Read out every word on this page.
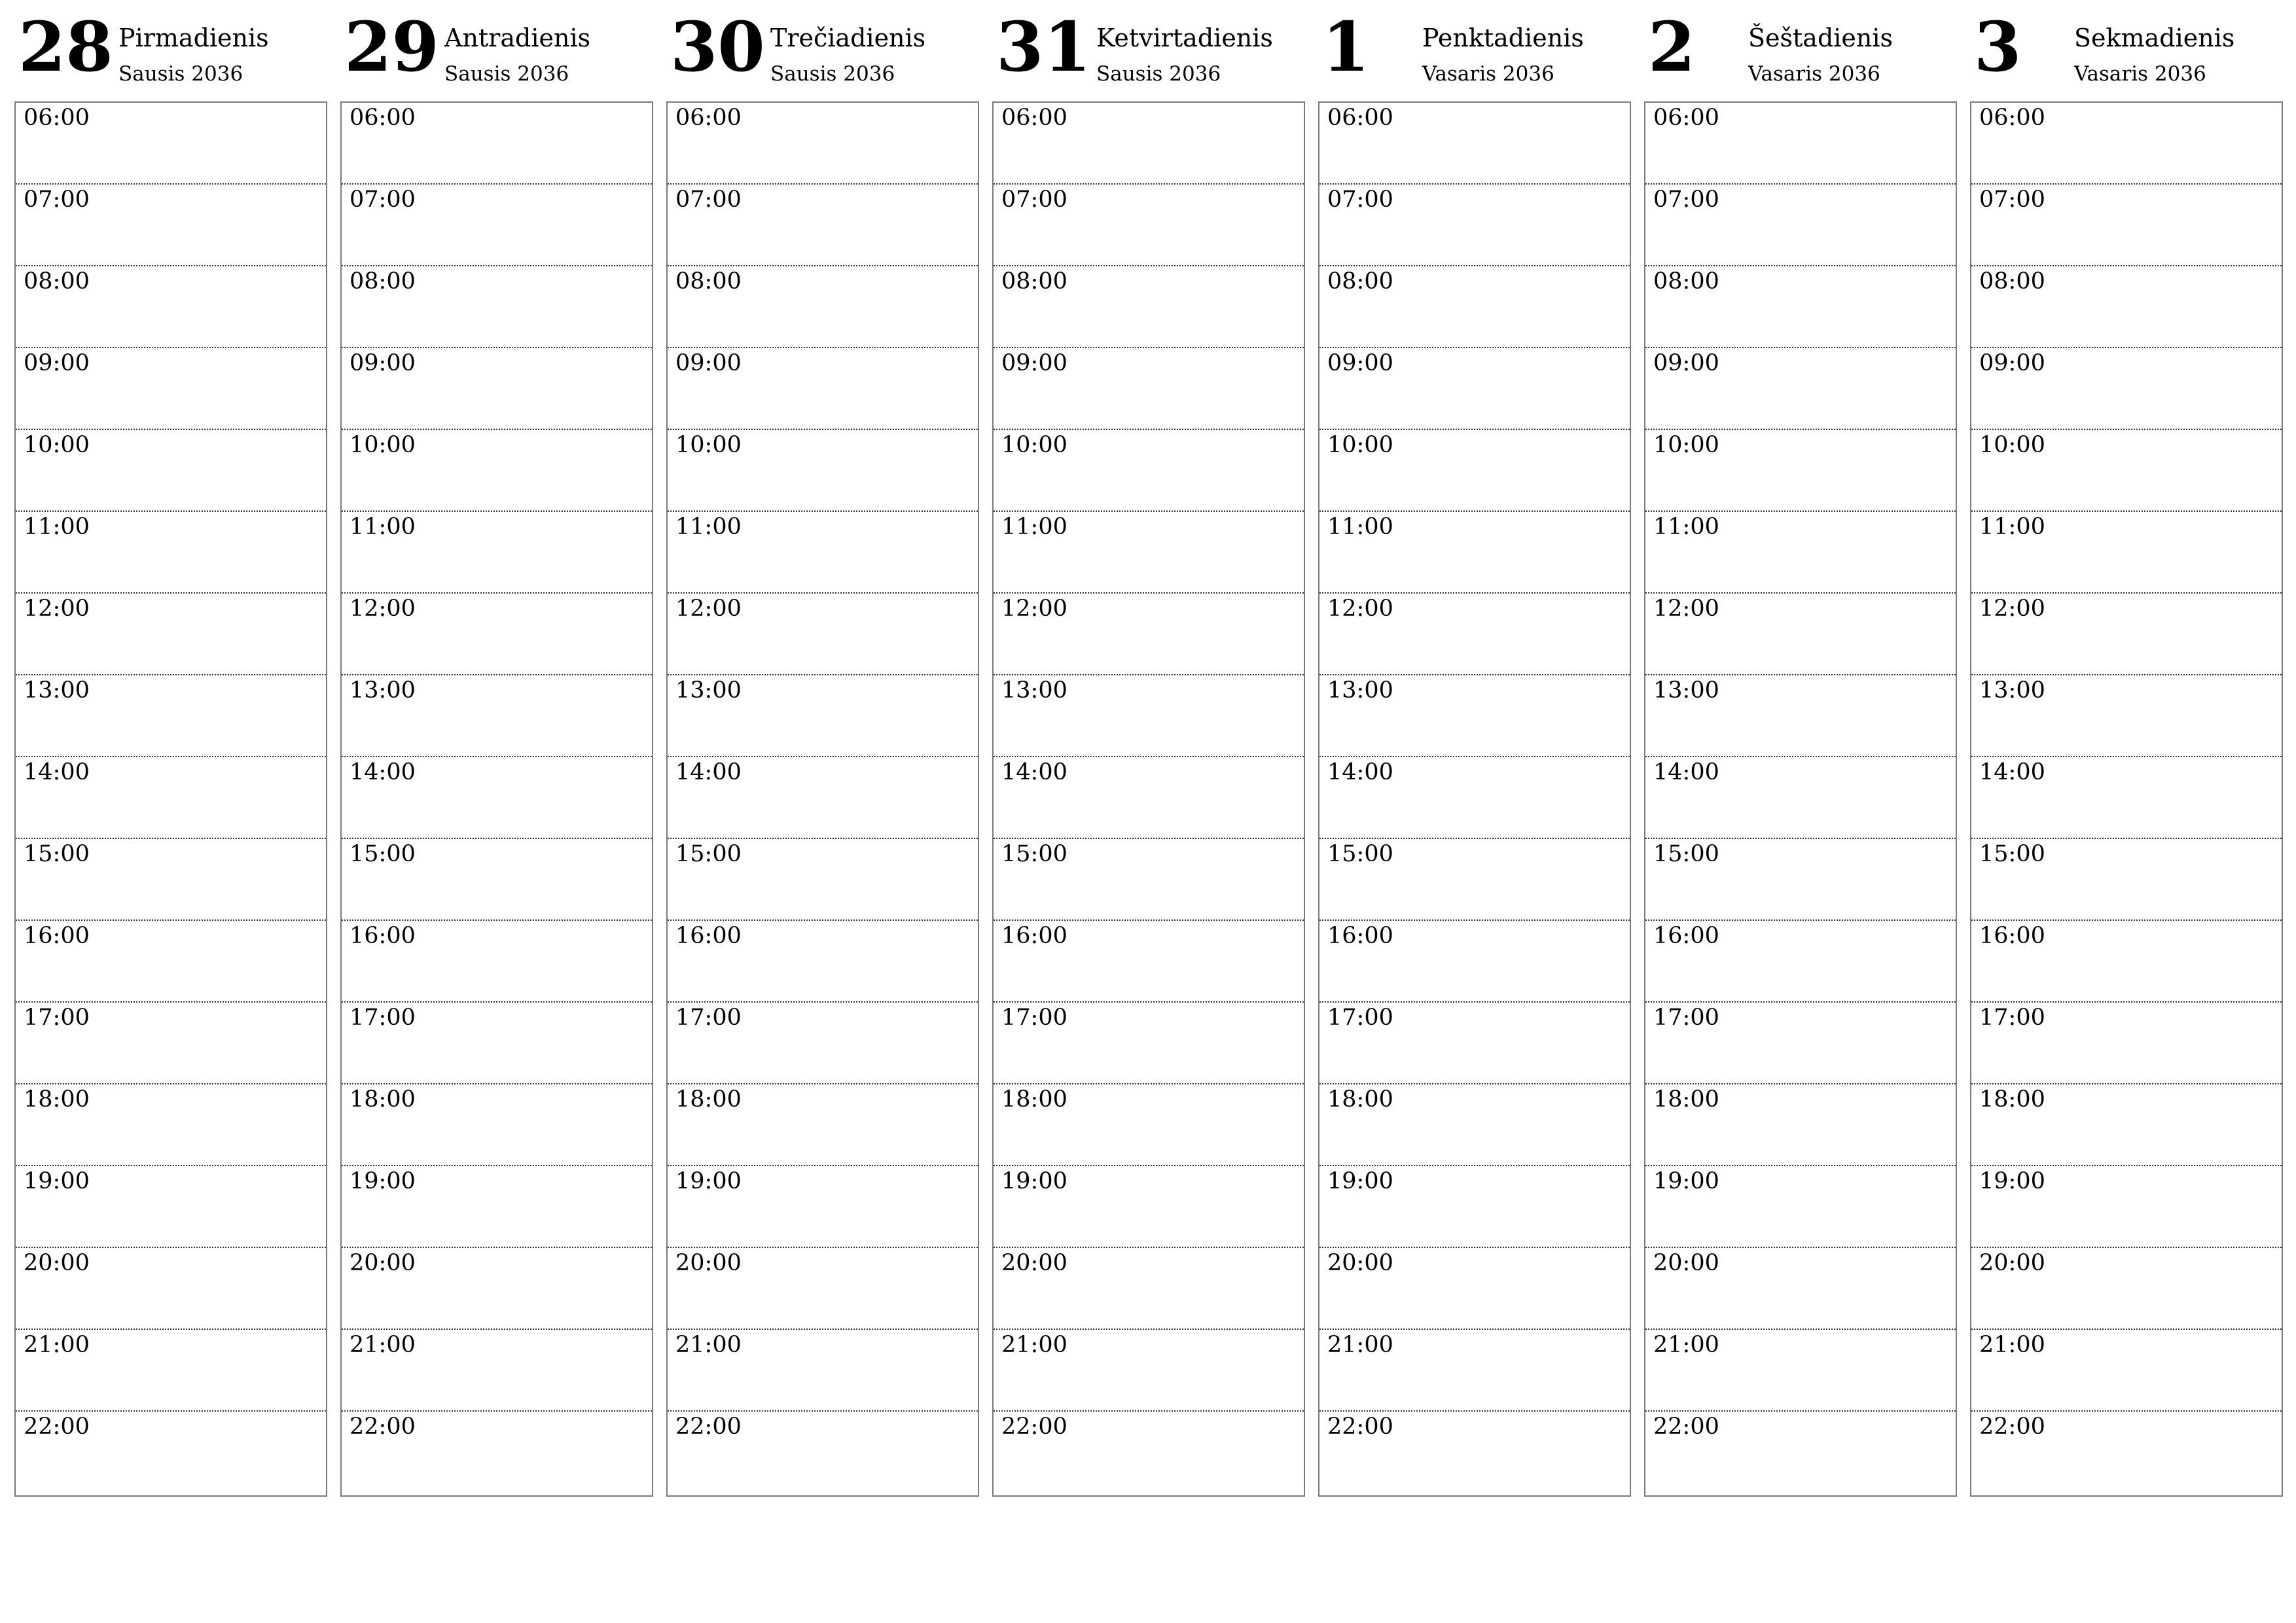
28 Pirmadienis
Sausis 2036
06:00
07:00
08:00
09:00
10:00
11:00
12:00
13:00
14:00
15:00
16:00
17:00
18:00
19:00
20:00
21:00
22:00
29 Antradienis
Sausis 2036
06:00
07:00
08:00
09:00
10:00
11:00
12:00
13:00
14:00
15:00
16:00
17:00
18:00
19:00
20:00
21:00
22:00
30 Trečiadienis
Sausis 2036
06:00
07:00
08:00
09:00
10:00
11:00
12:00
13:00
14:00
15:00
16:00
17:00
18:00
19:00
20:00
21:00
22:00
31 Ketvirtadienis
Sausis 2036
06:00
07:00
08:00
09:00
10:00
11:00
12:00
13:00
14:00
15:00
16:00
17:00
18:00
19:00
20:00
21:00
22:00
1 Penktadienis
Vasaris 2036
06:00
07:00
08:00
09:00
10:00
11:00
12:00
13:00
14:00
15:00
16:00
17:00
18:00
19:00
20:00
21:00
22:00
2 Šeštadienis
Vasaris 2036
06:00
07:00
08:00
09:00
10:00
11:00
12:00
13:00
14:00
15:00
16:00
17:00
18:00
19:00
20:00
21:00
22:00
3 Sekmadienis
Vasaris 2036
06:00
07:00
08:00
09:00
10:00
11:00
12:00
13:00
14:00
15:00
16:00
17:00
18:00
19:00
20:00
21:00
22:00
